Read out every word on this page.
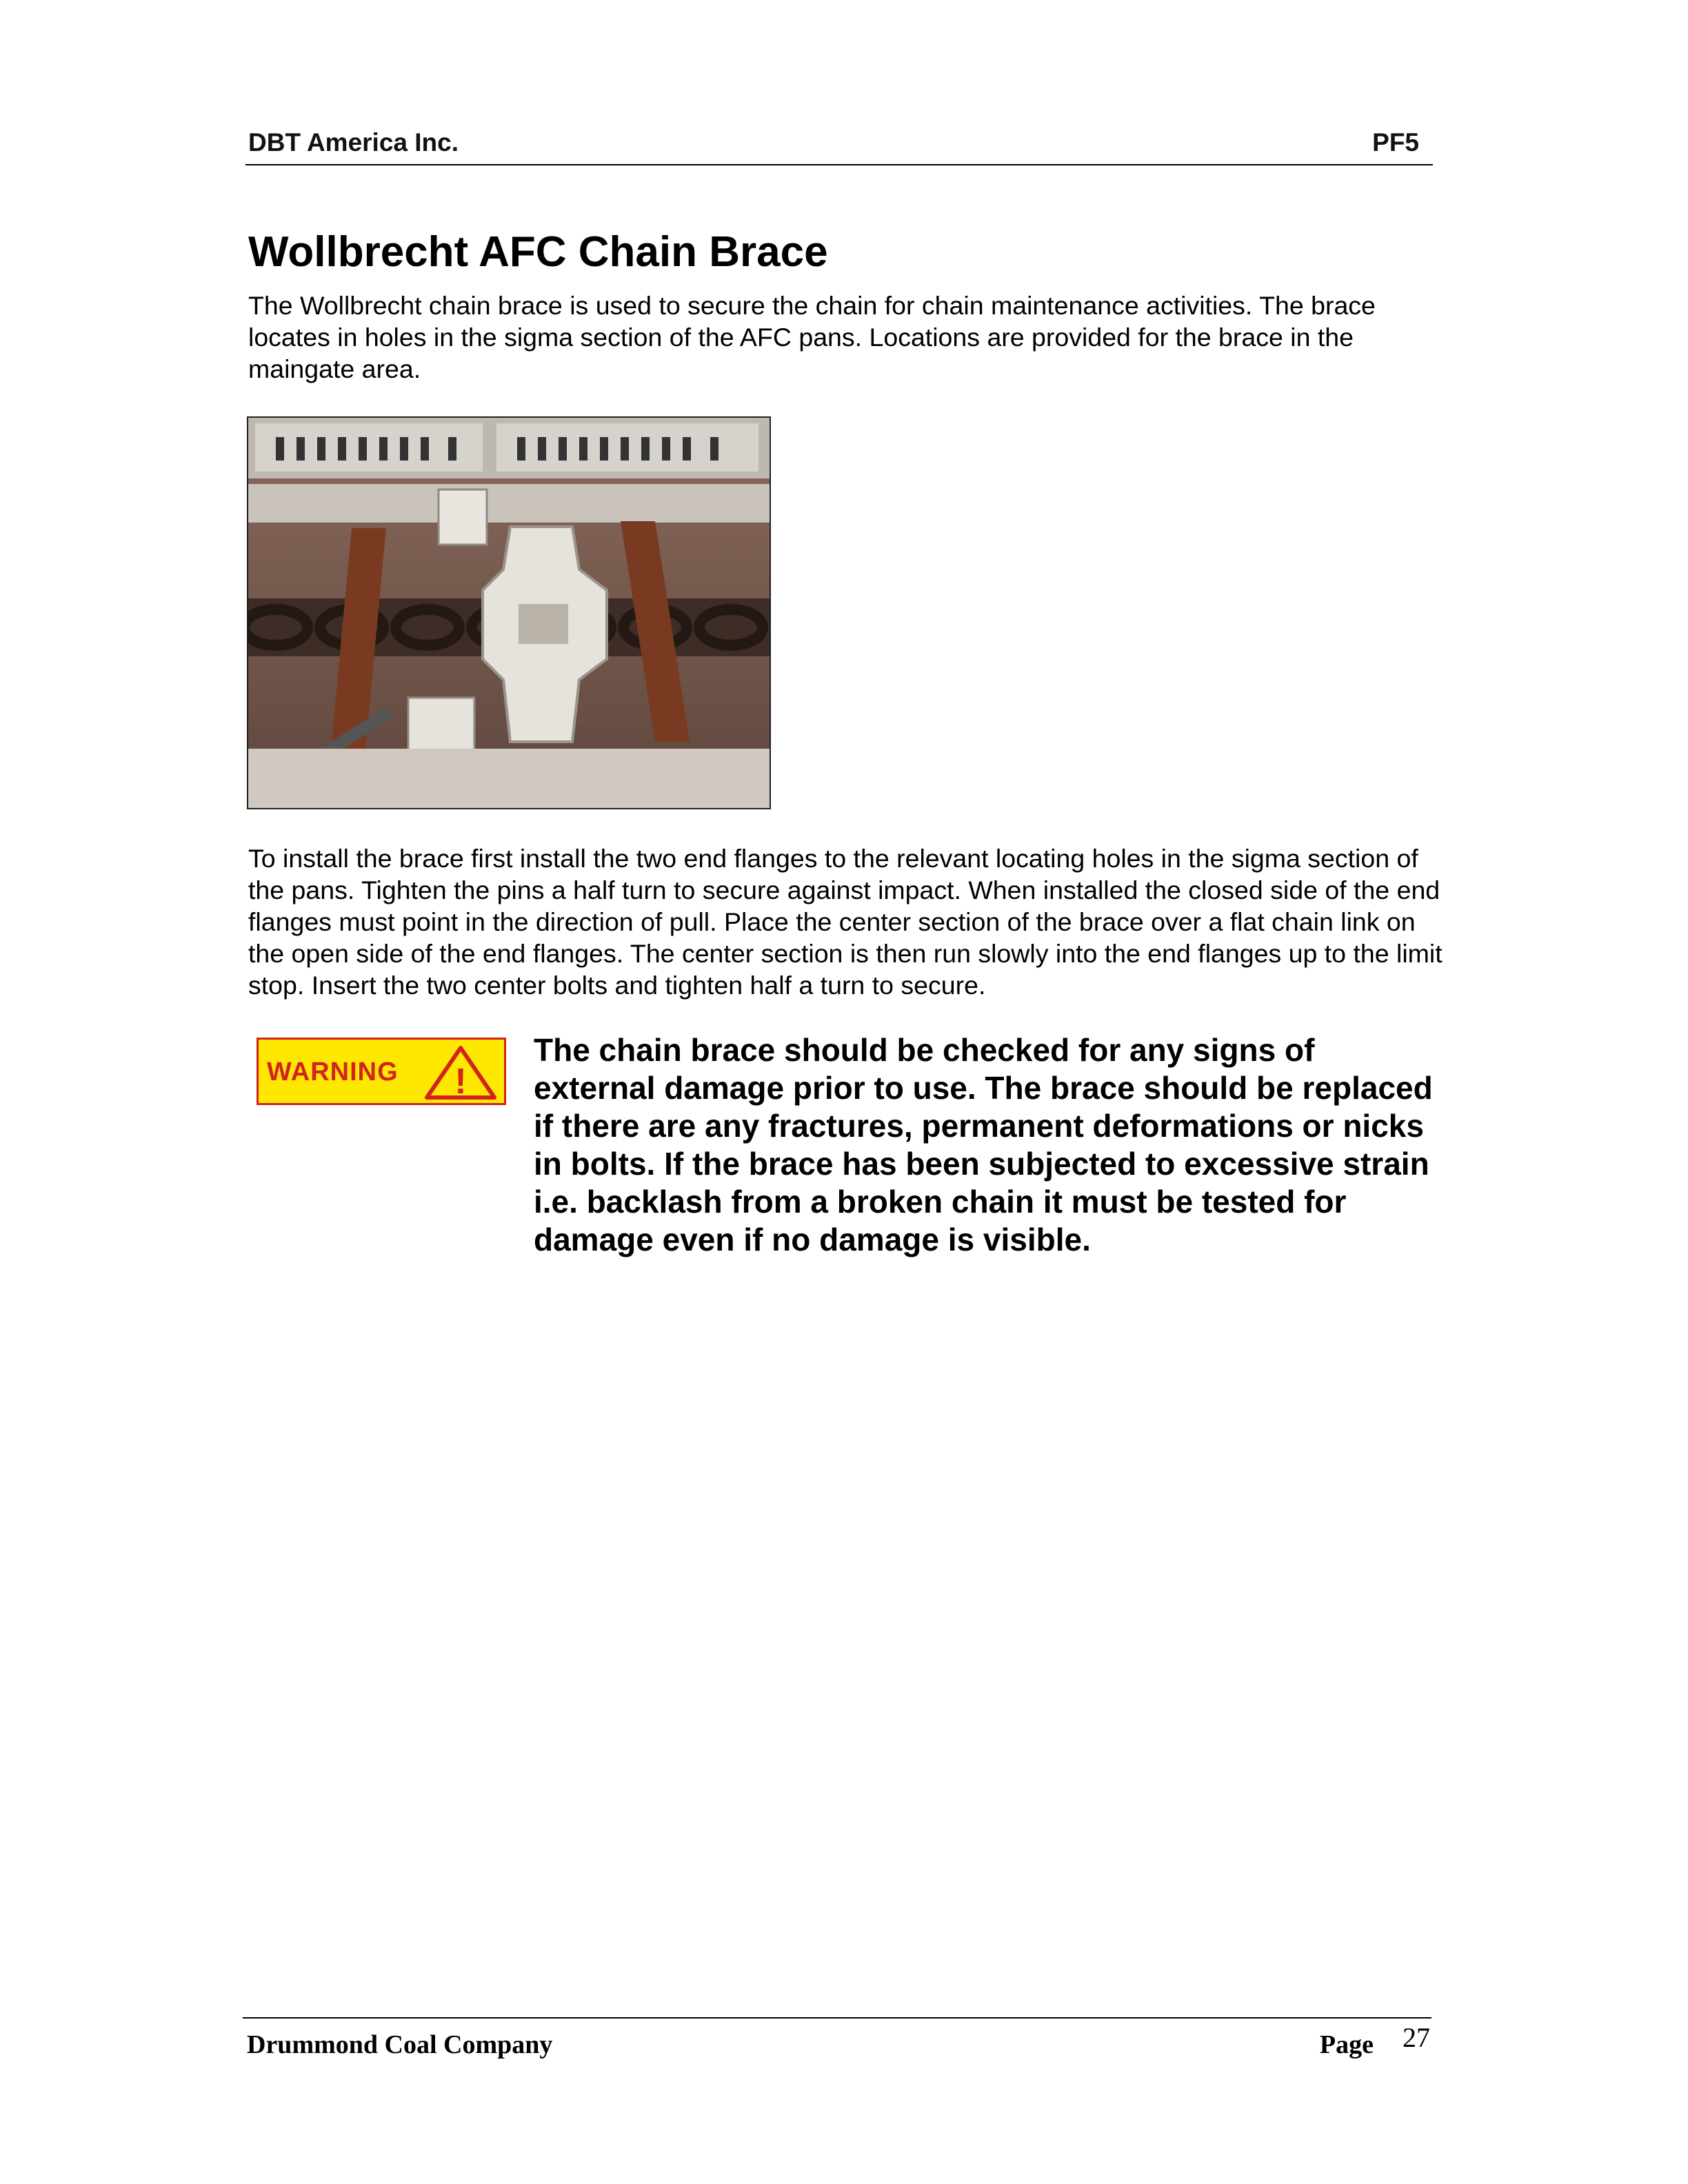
DBT America Inc.	PF5
Wollbrecht AFC Chain Brace

The Wollbrecht chain brace is used to secure the chain for chain maintenance activities. The brace locates in holes in the sigma section of the AFC pans. Locations are provided for the brace in the maingate area.

To install the brace first install the two end flanges to the relevant locating holes in the sigma section of the pans. Tighten the pins a half turn to secure against impact. When installed the closed side of the end flanges must point in the direction of pull. Place the center section of the brace over a flat chain link on the open side of the end flanges. The center section is then run slowly into the end flanges up to the limit stop. Insert the two center bolts and tighten half a turn to secure.

WARNING !

The chain brace should be checked for any signs of external damage prior to use. The brace should be replaced if there are any fractures, permanent deformations or nicks in bolts. If the brace has been subjected to excessive strain i.e. backlash from a broken chain it must be tested for damage even if no damage is visible.

Drummond Coal Company	Page 27
